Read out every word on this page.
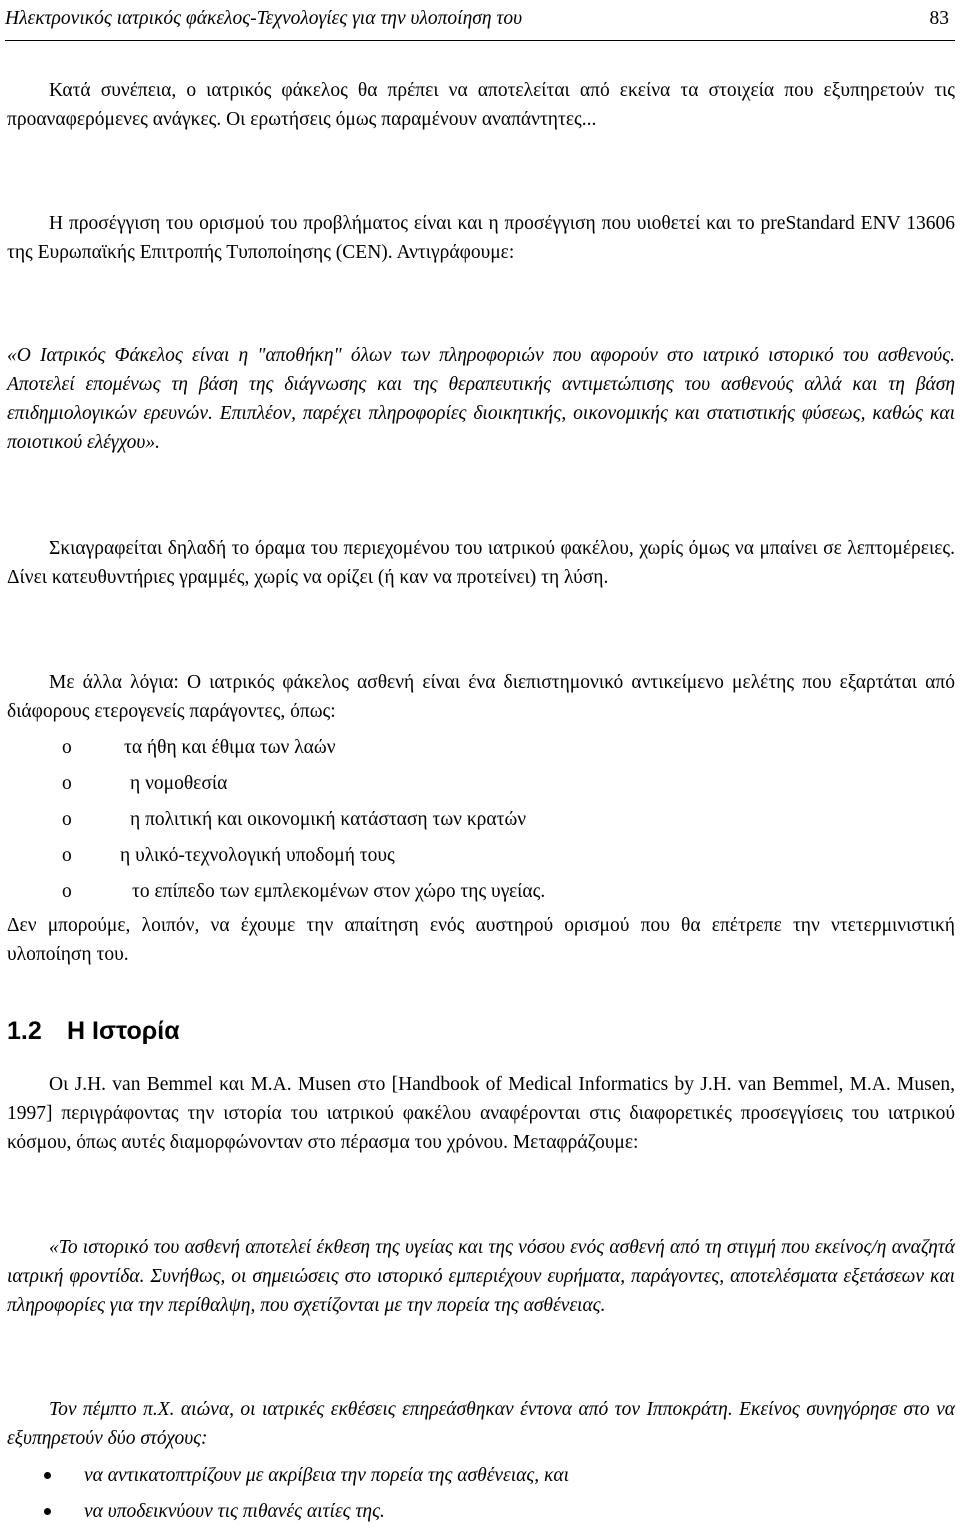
Ηλεκτρονικός ιατρικός φάκελος-Τεχνολογίες για την υλοποίηση του	83

Κατά συνέπεια, ο ιατρικός φάκελος θα πρέπει να αποτελείται από εκείνα τα στοιχεία που εξυπηρετούν τις προαναφερόμενες ανάγκες. Οι ερωτήσεις όμως παραμένουν αναπάντητες...

Η προσέγγιση του ορισμού του προβλήματος είναι και η προσέγγιση που υιοθετεί και το preStandard ENV 13606 της Ευρωπαϊκής Επιτροπής Τυποποίησης (CEN). Αντιγράφουμε:

«Ο Ιατρικός Φάκελος είναι η "αποθήκη" όλων των πληροφοριών που αφορούν στο ιατρικό ιστορικό του ασθενούς. Αποτελεί επομένως τη βάση της διάγνωσης και της θεραπευτικής αντιμετώπισης του ασθενούς αλλά και τη βάση επιδημιολογικών ερευνών. Επιπλέον, παρέχει πληροφορίες διοικητικής, οικονομικής και στατιστικής φύσεως, καθώς και ποιοτικού ελέγχου».

Σκιαγραφείται δηλαδή το όραμα του περιεχομένου του ιατρικού φακέλου, χωρίς όμως να μπαίνει σε λεπτομέρειες. Δίνει κατευθυντήριες γραμμές, χωρίς να ορίζει (ή καν να προτείνει) τη λύση.

Με άλλα λόγια: Ο ιατρικός φάκελος ασθενή είναι ένα διεπιστημονικό αντικείμενο μελέτης που εξαρτάται από διάφορους ετερογενείς παράγοντες, όπως:

o	τα ήθη και έθιμα των λαών
o	η νομοθεσία
o	η πολιτική και οικονομική κατάσταση των κρατών
o η υλικό-τεχνολογική υποδομή τους
o	το επίπεδο των εμπλεκομένων στον χώρο της υγείας.

Δεν μπορούμε, λοιπόν, να έχουμε την απαίτηση ενός αυστηρού ορισμού που θα επέτρεπε την ντετερμινιστική υλοποίηση του.

1.2 Η Ιστορία

Οι J.H. van Bemmel και M.A. Musen στο [Handbook of Medical Informatics by J.H. van Bemmel, M.A. Musen, 1997] περιγράφοντας την ιστορία του ιατρικού φακέλου αναφέρονται στις διαφορετικές προσεγγίσεις του ιατρικού κόσμου, όπως αυτές διαμορφώνονταν στο πέρασμα του χρόνου. Μεταφράζουμε:

«Το ιστορικό του ασθενή αποτελεί έκθεση της υγείας και της νόσου ενός ασθενή από τη στιγμή που εκείνος/η αναζητά ιατρική φροντίδα. Συνήθως, οι σημειώσεις στο ιστορικό εμπεριέχουν ευρήματα, παράγοντες, αποτελέσματα εξετάσεων και πληροφορίες για την περίθαλψη, που σχετίζονται με την πορεία της ασθένειας.

Τον πέμπτο π.Χ. αιώνα, οι ιατρικές εκθέσεις επηρεάσθηκαν έντονα από τον Ιπποκράτη. Εκείνος συνηγόρησε στο να εξυπηρετούν δύο στόχους:

να αντικατοπτρίζουν με ακρίβεια την πορεία της ασθένειας, και
να υποδεικνύουν τις πιθανές αιτίες της.
